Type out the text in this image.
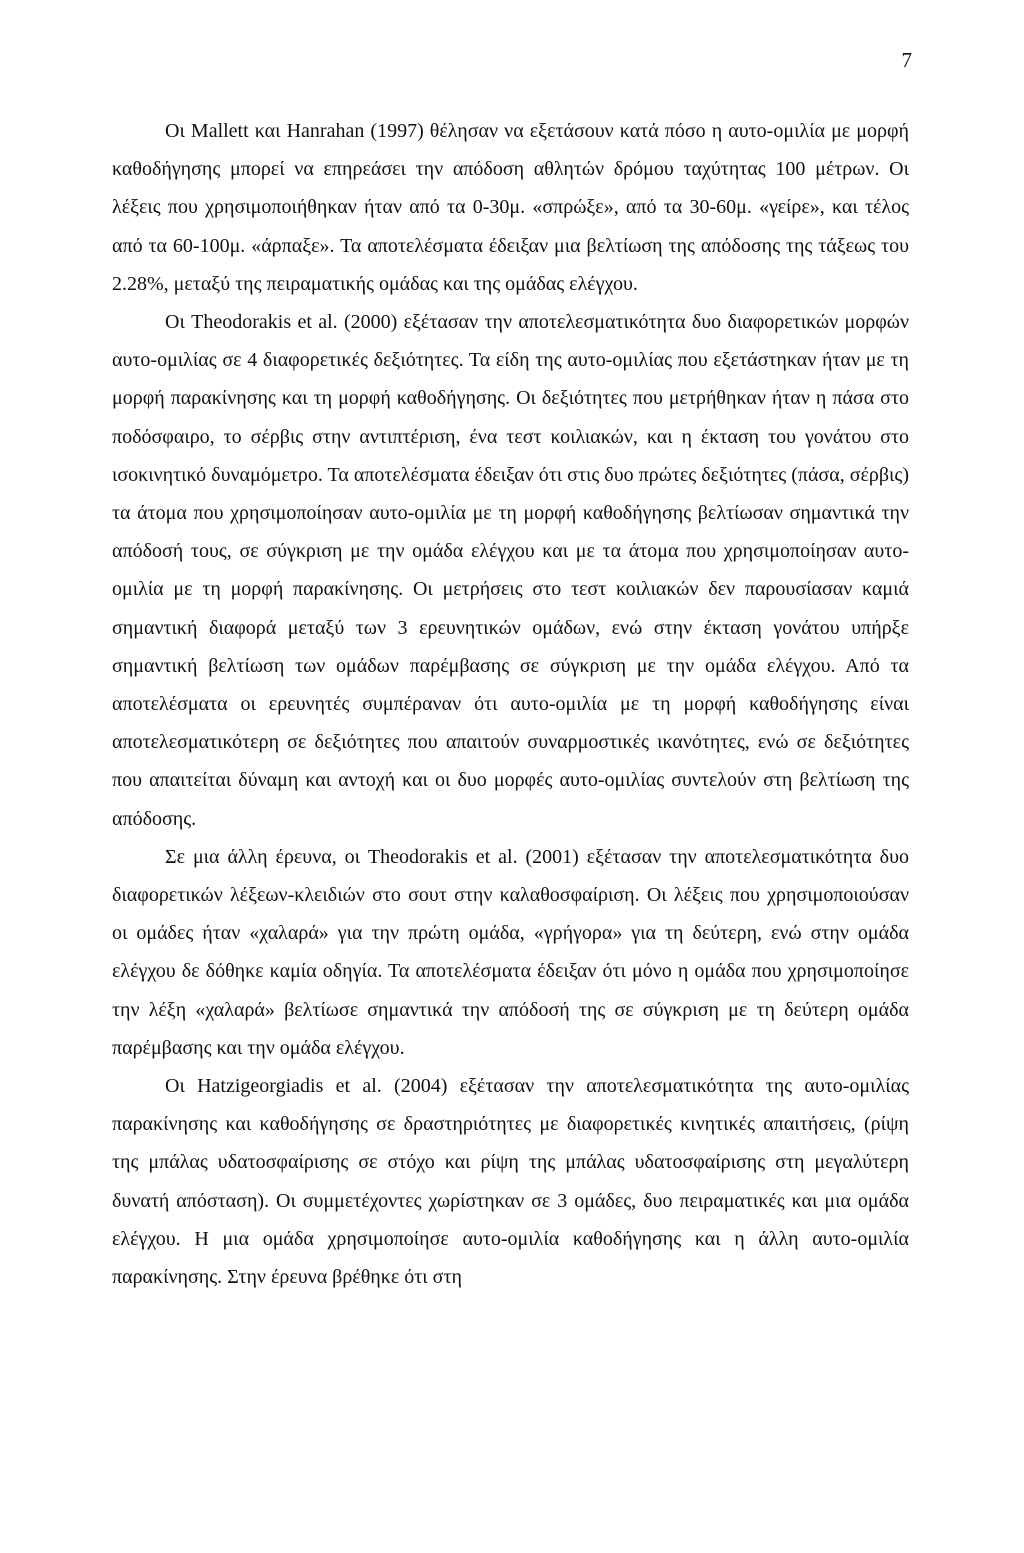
7

Οι Mallett και Hanrahan (1997) θέλησαν να εξετάσουν κατά πόσο η αυτο-ομιλία με μορφή καθοδήγησης μπορεί να επηρεάσει την απόδοση αθλητών δρόμου ταχύτητας 100 μέτρων. Οι λέξεις που χρησιμοποιήθηκαν ήταν από τα 0-30μ. «σπρώξε», από τα 30-60μ. «γείρε», και τέλος από τα 60-100μ. «άρπαξε». Τα αποτελέσματα έδειξαν μια βελτίωση της απόδοσης της τάξεως του 2.28%, μεταξύ της πειραματικής ομάδας και της ομάδας ελέγχου.

Οι Theodorakis et al. (2000) εξέτασαν την αποτελεσματικότητα δυο διαφορετικών μορφών αυτο-ομιλίας σε 4 διαφορετικές δεξιότητες. Τα είδη της αυτο-ομιλίας που εξετάστηκαν ήταν με τη μορφή παρακίνησης και τη μορφή καθοδήγησης. Οι δεξιότητες που μετρήθηκαν ήταν η πάσα στο ποδόσφαιρο, το σέρβις στην αντιπτέριση, ένα τεστ κοιλιακών, και η έκταση του γονάτου στο ισοκινητικό δυναμόμετρο. Τα αποτελέσματα έδειξαν ότι στις δυο πρώτες δεξιότητες (πάσα, σέρβις) τα άτομα που χρησιμοποίησαν αυτο-ομιλία με τη μορφή καθοδήγησης βελτίωσαν σημαντικά την απόδοσή τους, σε σύγκριση με την ομάδα ελέγχου και με τα άτομα που χρησιμοποίησαν αυτο-ομιλία με τη μορφή παρακίνησης. Οι μετρήσεις στο τεστ κοιλιακών δεν παρουσίασαν καμιά σημαντική διαφορά μεταξύ των 3 ερευνητικών ομάδων, ενώ στην έκταση γονάτου υπήρξε σημαντική βελτίωση των ομάδων παρέμβασης σε σύγκριση με την ομάδα ελέγχου. Από τα αποτελέσματα οι ερευνητές συμπέραναν ότι αυτο-ομιλία με τη μορφή καθοδήγησης είναι αποτελεσματικότερη σε δεξιότητες που απαιτούν συναρμοστικές ικανότητες, ενώ σε δεξιότητες που απαιτείται δύναμη και αντοχή και οι δυο μορφές αυτο-ομιλίας συντελούν στη βελτίωση της απόδοσης.

Σε μια άλλη έρευνα, οι Theodorakis et al. (2001) εξέτασαν την αποτελεσματικότητα δυο διαφορετικών λέξεων-κλειδιών στο σουτ στην καλαθοσφαίριση. Οι λέξεις που χρησιμοποιούσαν οι ομάδες ήταν «χαλαρά» για την πρώτη ομάδα, «γρήγορα» για τη δεύτερη, ενώ στην ομάδα ελέγχου δε δόθηκε καμία οδηγία. Τα αποτελέσματα έδειξαν ότι μόνο η ομάδα που χρησιμοποίησε την λέξη «χαλαρά» βελτίωσε σημαντικά την απόδοσή της σε σύγκριση με τη δεύτερη ομάδα παρέμβασης και την ομάδα ελέγχου.

Οι Hatzigeorgiadis et al. (2004) εξέτασαν την αποτελεσματικότητα της αυτο-ομιλίας παρακίνησης και καθοδήγησης σε δραστηριότητες με διαφορετικές κινητικές απαιτήσεις, (ρίψη της μπάλας υδατοσφαίρισης σε στόχο και ρίψη της μπάλας υδατοσφαίρισης στη μεγαλύτερη δυνατή απόσταση). Οι συμμετέχοντες χωρίστηκαν σε 3 ομάδες, δυο πειραματικές και μια ομάδα ελέγχου. Η μια ομάδα χρησιμοποίησε αυτο-ομιλία καθοδήγησης και η άλλη αυτο-ομιλία παρακίνησης. Στην έρευνα βρέθηκε ότι στη
